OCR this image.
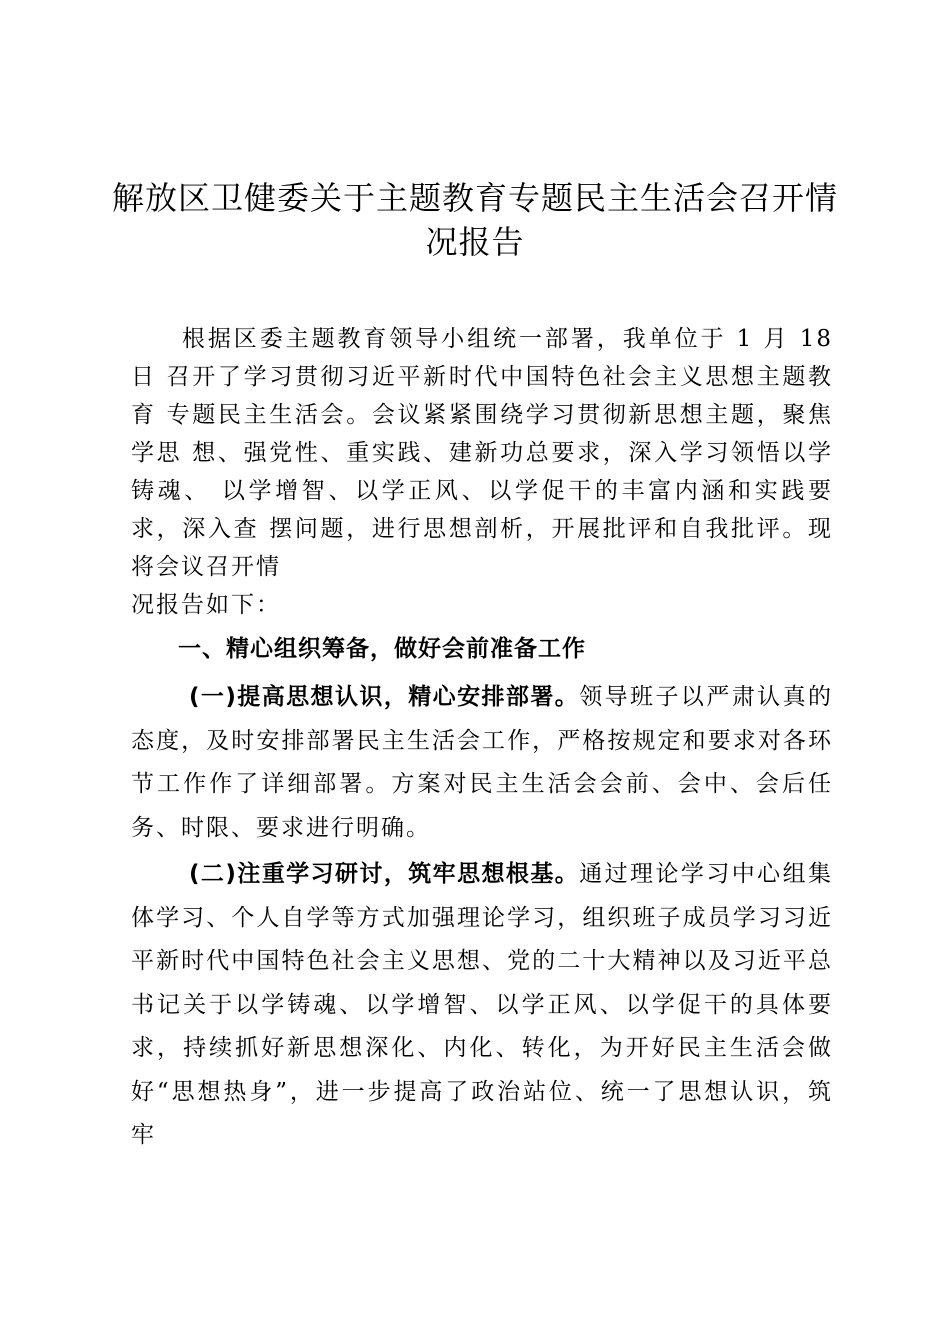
解放区卫健委关于主题教育专题民主生活会召开情况报告
根据区委主题教育领导小组统一部署，我单位于 1 月 18 日 召开了学习贯彻习近平新时代中国特色社会主义思想主题教育 专题民主生活会。会议紧紧围绕学习贯彻新思想主题，聚焦学思 想、强党性、重实践、建新功总要求，深入学习领悟以学铸魂、 以学增智、以学正风、以学促干的丰富内涵和实践要求，深入查 摆问题，进行思想剖析，开展批评和自我批评。现将会议召开情
况报告如下：
一、精心组织筹备，做好会前准备工作
(一)提高思想认识，精心安排部署。领导班子以严肃认真的态度，及时安排部署民主生活会工作，严格按规定和要求对各环节工作作了详细部署。方案对民主生活会会前、会中、会后任务、时限、要求进行明确。
(二)注重学习研讨，筑牢思想根基。通过理论学习中心组集体学习、个人自学等方式加强理论学习，组织班子成员学习习近平新时代中国特色社会主义思想、党的二十大精神以及习近平总书记关于以学铸魂、以学增智、以学正风、以学促干的具体要求，持续抓好新思想深化、内化、转化，为开好民主生活会做好“思想热身”，进一步提高了政治站位、统一了思想认识，筑牢
